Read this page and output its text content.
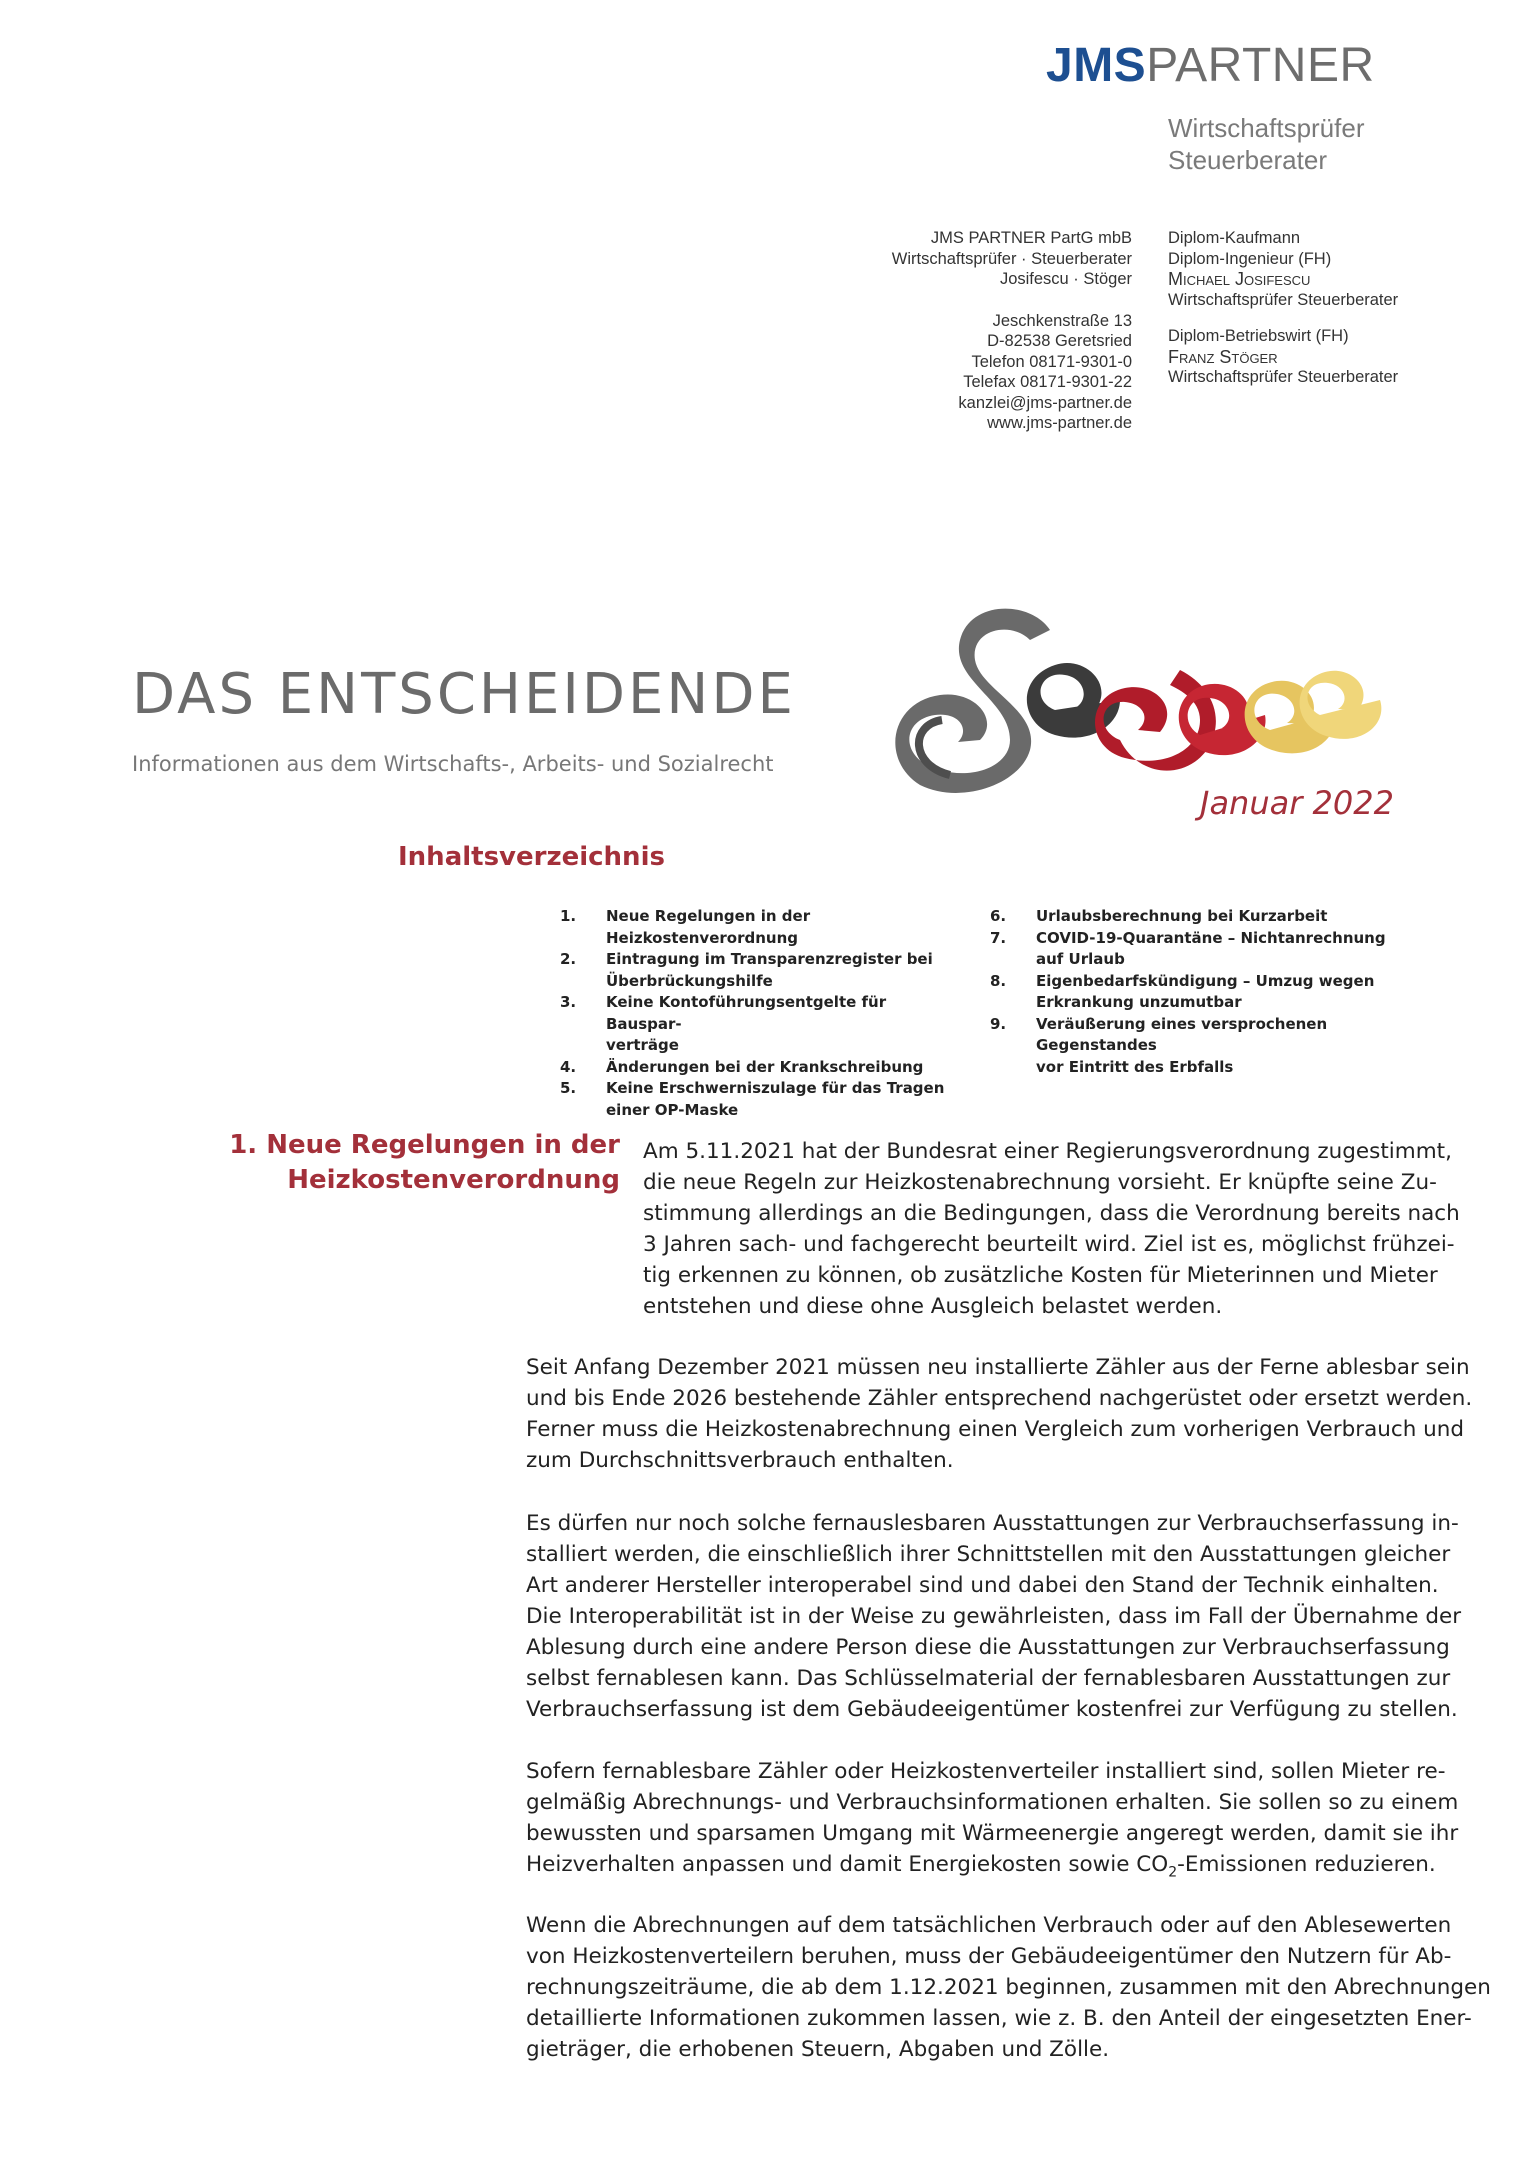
JMSPARTNER
Wirtschaftsprüfer
Steuerberater
JMS PARTNER PartG mbB
Wirtschaftsprüfer · Steuerberater
Josifescu · Stöger
Jeschkenstraße 13
D-82538 Geretsried
Telefon 08171-9301-0
Telefax 08171-9301-22
kanzlei@jms-partner.de
www.jms-partner.de
Diplom-Kaufmann
Diplom-Ingenieur (FH)
Michael Josifescu
Wirtschaftsprüfer Steuerberater
Diplom-Betriebswirt (FH)
Franz Stöger
Wirtschaftsprüfer Steuerberater
DAS ENTSCHEIDENDE
Informationen aus dem Wirtschafts-, Arbeits- und Sozialrecht
Januar 2022
Inhaltsverzeichnis
1.	Neue Regelungen in der Heizkostenverordnung
2.	Eintragung im Transparenzregister bei
Überbrückungshilfe
3.	Keine Kontoführungsentgelte für Bauspar-
verträge
4.	Änderungen bei der Krankschreibung
5.	Keine Erschwerniszulage für das Tragen
einer OP-Maske
6.	Urlaubsberechnung bei Kurzarbeit
7.	COVID-19-Quarantäne – Nichtanrechnung
auf Urlaub
8.	Eigenbedarfskündigung – Umzug wegen
Erkrankung unzumutbar
9.	Veräußerung eines versprochenen Gegenstandes
vor Eintritt des Erbfalls
1. Neue Regelungen in der
Heizkostenverordnung
Am 5.11.2021 hat der Bundesrat einer Regierungsverordnung zugestimmt,
die neue Regeln zur Heizkostenabrechnung vorsieht. Er knüpfte seine Zu-
stimmung allerdings an die Bedingungen, dass die Verordnung bereits nach
3 Jahren sach- und fachgerecht beurteilt wird. Ziel ist es, möglichst frühzei-
tig erkennen zu können, ob zusätzliche Kosten für Mieterinnen und Mieter
entstehen und diese ohne Ausgleich belastet werden.
Seit Anfang Dezember 2021 müssen neu installierte Zähler aus der Ferne ablesbar sein
und bis Ende 2026 bestehende Zähler entsprechend nachgerüstet oder ersetzt werden.
Ferner muss die Heizkostenabrechnung einen Vergleich zum vorherigen Verbrauch und
zum Durchschnittsverbrauch enthalten.
Es dürfen nur noch solche fernauslesbaren Ausstattungen zur Verbrauchserfassung in-
stalliert werden, die einschließlich ihrer Schnittstellen mit den Ausstattungen gleicher
Art anderer Hersteller interoperabel sind und dabei den Stand der Technik einhalten.
Die Interoperabilität ist in der Weise zu gewährleisten, dass im Fall der Übernahme der
Ablesung durch eine andere Person diese die Ausstattungen zur Verbrauchserfassung
selbst fernablesen kann. Das Schlüsselmaterial der fernablesbaren Ausstattungen zur
Verbrauchserfassung ist dem Gebäudeeigentümer kostenfrei zur Verfügung zu stellen.
Sofern fernablesbare Zähler oder Heizkostenverteiler installiert sind, sollen Mieter re-
gelmäßig Abrechnungs- und Verbrauchsinformationen erhalten. Sie sollen so zu einem
bewussten und sparsamen Umgang mit Wärmeenergie angeregt werden, damit sie ihr
Heizverhalten anpassen und damit Energiekosten sowie $CO_2$-Emissionen reduzieren.
Wenn die Abrechnungen auf dem tatsächlichen Verbrauch oder auf den Ablesewerten
von Heizkostenverteilern beruhen, muss der Gebäudeeigentümer den Nutzern für Ab-
rechnungszeiträume, die ab dem 1.12.2021 beginnen, zusammen mit den Abrechnungen
detaillierte Informationen zukommen lassen, wie z. B. den Anteil der eingesetzten Ener-
gieträger, die erhobenen Steuern, Abgaben und Zölle.
